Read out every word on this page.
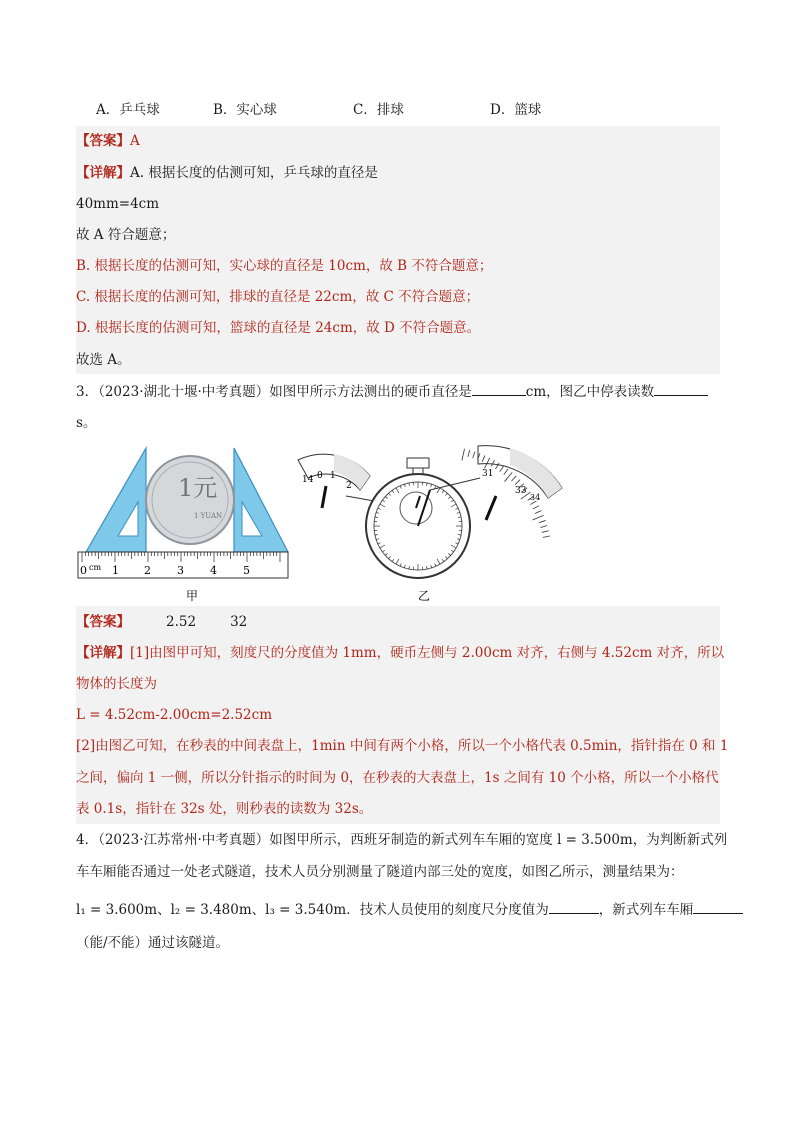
A．乒乓球	B．实心球	C．排球	D．篮球
【答案】A
【详解】A. 根据长度的估测可知，乒乓球的直径是
40mm=4cm
故 A 符合题意；
B. 根据长度的估测可知，实心球的直径是 10cm，故 B 不符合题意；
C. 根据长度的估测可知，排球的直径是 22cm，故 C 不符合题意；
D. 根据长度的估测可知，篮球的直径是 24cm，故 D 不符合题意。
故选 A。
3．（2023·湖北十堰·中考真题）如图甲所示方法测出的硬币直径是	cm，图乙中停表读数
s。
1元
1 YUAN
0 cm 1 2 3 4 5
甲
14 0 1
2
31
33
34
乙
【答案】	2.52	32
【详解】[1]由图甲可知，刻度尺的分度值为 1mm，硬币左侧与 2.00cm 对齐，右侧与 4.52cm 对齐，所以
物体的长度为
L = 4.52cm-2.00cm=2.52cm
[2]由图乙可知，在秒表的中间表盘上，1min 中间有两个小格，所以一个小格代表 0.5min，指针指在 0 和 1
之间，偏向 1 一侧，所以分针指示的时间为 0，在秒表的大表盘上，1s 之间有 10 个小格，所以一个小格代
表 0.1s，指针在 32s 处，则秒表的读数为 32s。
4．（2023·江苏常州·中考真题）如图甲所示，西班牙制造的新式列车车厢的宽度 l = 3.500m，为判断新式列
车车厢能否通过一处老式隧道，技术人员分别测量了隧道内部三处的宽度，如图乙所示，测量结果为：
l₁ = 3.600m、l₂ = 3.480m、l₃ = 3.540m．技术人员使用的刻度尺分度值为	，新式列车车厢
（能/不能）通过该隧道。
